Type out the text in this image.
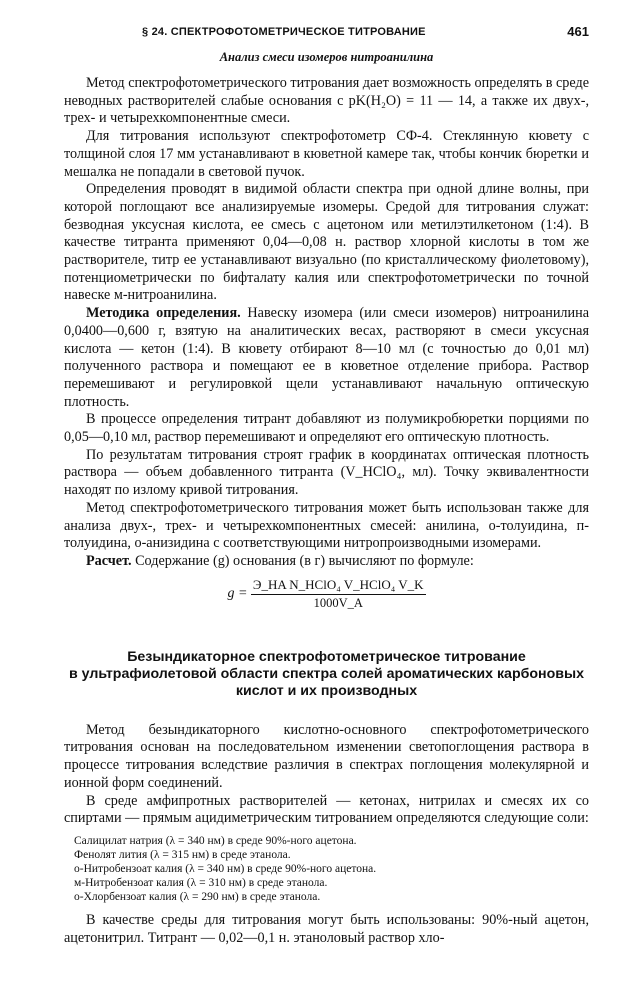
§ 24. СПЕКТРОФОТОМЕТРИЧЕСКОЕ ТИТРОВАНИЕ	461
Анализ смеси изомеров нитроанилина

Метод спектрофотометрического титрования дает возможность определять в среде неводных растворителей слабые основания с pK(H₂O) = 11 — 14, а также их двух-, трех- и четырехкомпонентные смеси.

Для титрования используют спектрофотометр СФ-4. Стеклянную кювету с толщиной слоя 17 мм устанавливают в кюветной камере так, чтобы кончик бюретки и мешалка не попадали в световой пучок.

Определения проводят в видимой области спектра при одной длине волны, при которой поглощают все анализируемые изомеры. Средой для титрования служат: безводная уксусная кислота, ее смесь с ацетоном или метилэтилкетоном (1:4). В качестве титранта применяют 0,04—0,08 н. раствор хлорной кислоты в том же растворителе, титр ее устанавливают визуально (по кристаллическому фиолетовому), потенциометрически по бифталату калия или спектрофотометрически по точной навеске м-нитроанилина.

Методика определения. Навеску изомера (или смеси изомеров) нитроанилина 0,0400—0,600 г, взятую на аналитических весах, растворяют в смеси уксусная кислота — кетон (1:4). В кювету отбирают 8—10 мл (с точностью до 0,01 мл) полученного раствора и помещают ее в кюветное отделение прибора. Раствор перемешивают и регулировкой щели устанавливают начальную оптическую плотность.

В процессе определения титрант добавляют из полумикробюретки порциями по 0,05—0,10 мл, раствор перемешивают и определяют его оптическую плотность.

По результатам титрования строят график в координатах оптическая плотность раствора — объем добавленного титранта (V_HClO₄, мл). Точку эквивалентности находят по излому кривой титрования.

Метод спектрофотометрического титрования может быть использован также для анализа двух-, трех- и четырехкомпонентных смесей: анилина, о-толуидина, п-толуидина, о-анизидина с соответствующими нитропроизводными изомерами.

Расчет. Содержание (g) основания (в г) вычисляют по формуле:

$g = \frac{\text{Э\_HA N\_HClO₄ V\_HClO₄ V\_K}}{1000V\_A}$
Безындикаторное спектрофотометрическое титрование
в ультрафиолетовой области спектра солей ароматических карбоновых
кислот и их производных

Метод безындикаторного кислотно-основного спектрофотометрического титрования основан на последовательном изменении светопоглощения раствора в процессе титрования вследствие различия в спектрах поглощения молекулярной и ионной форм соединений.

В среде амфипротных растворителей — кетонах, нитрилах и смесях их со спиртами — прямым ацидиметрическим титрованием определяются следующие соли:

Салицилат натрия (λ = 340 нм) в среде 90%-ного ацетона.
Фенолят лития (λ = 315 нм) в среде этанола.
о-Нитробензоат калия (λ = 340 нм) в среде 90%-ного ацетона.
м-Нитробензоат калия (λ = 310 нм) в среде этанола.
о-Хлорбензоат калия (λ = 290 нм) в среде этанола.

В качестве среды для титрования могут быть использованы: 90%-ный ацетон, ацетонитрил. Титрант — 0,02—0,1 н. этаноловый раствор хло-
